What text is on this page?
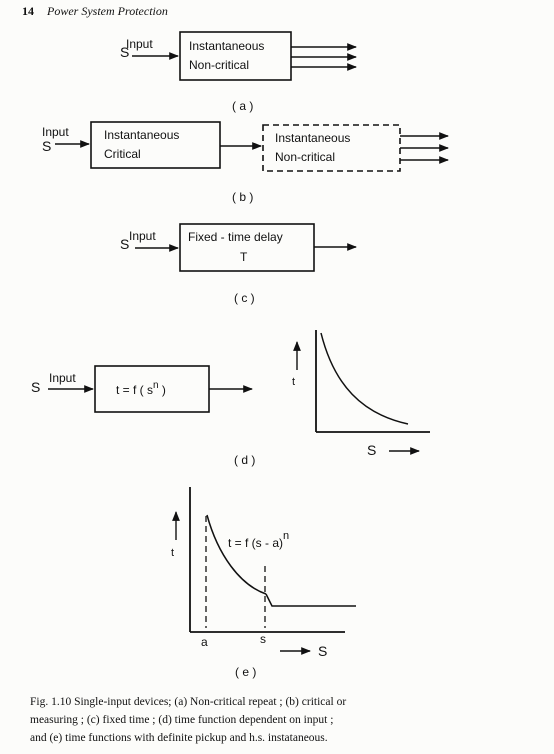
14 Power System Protection
S
Input	Instantaneous
Non-critical
( a )
Input
S
Instantaneous
Critical
Instantaneous
Non-critical
( b )
S Input	Fixed - time delay
T
( c )
S
Input
t = f ( $s^n$ )
t
S
( d )
t
t = f (s - a)n
a	s
S
( e )
Fig. 1.10 Single-input devices; (a) Non-critical repeat ; (b) critical or
measuring ; (c) fixed time ; (d) time function dependent on input ;
and (e) time functions with definite pickup and h.s. instataneous.
